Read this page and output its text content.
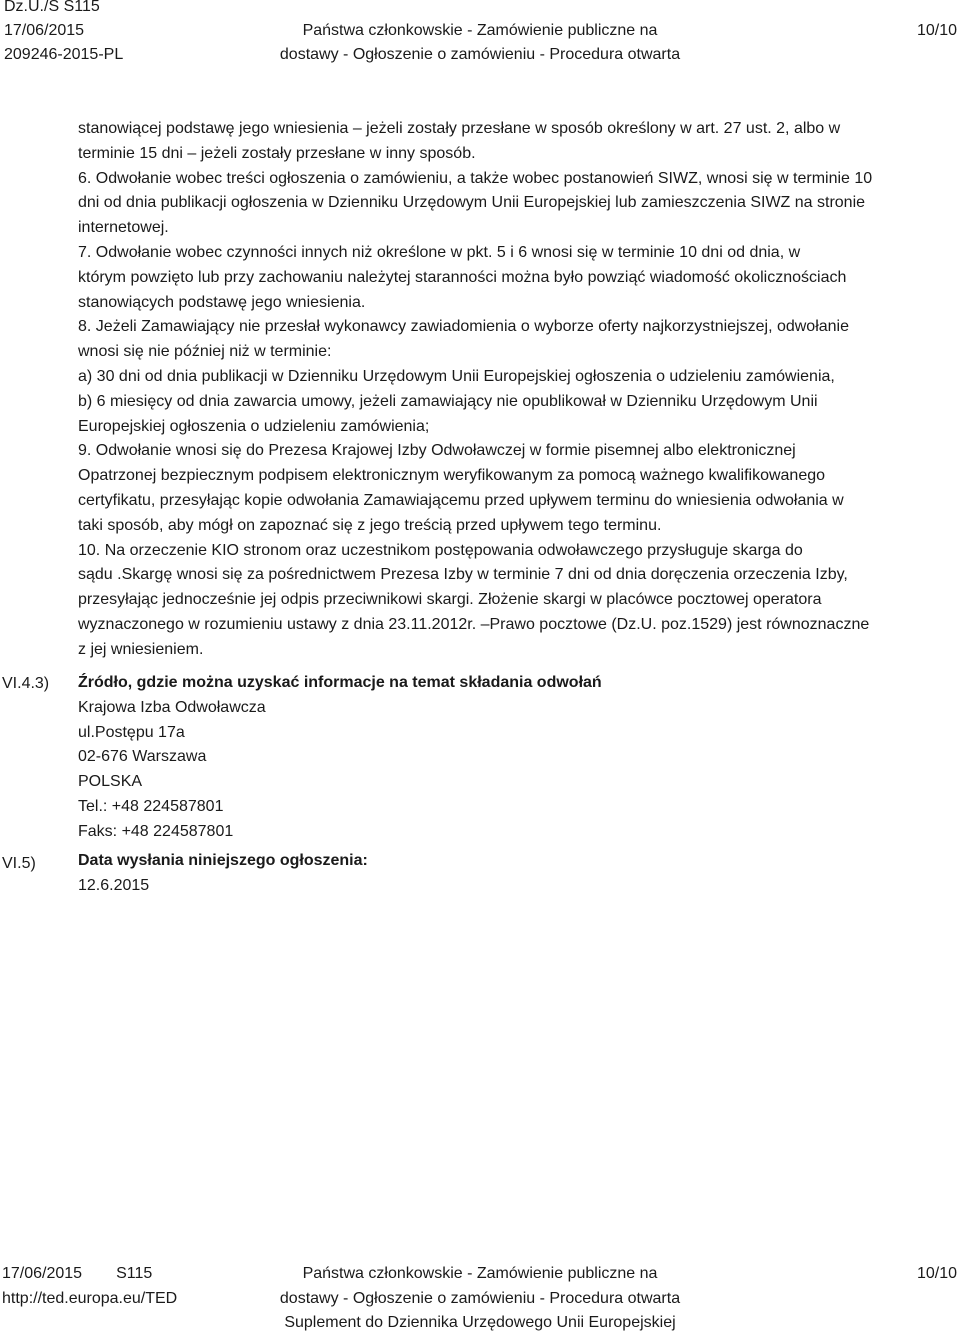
Dz.U./S S115
17/06/2015
209246-2015-PL
Państwa członkowskie - Zamówienie publiczne na
dostawy - Ogłoszenie o zamówieniu - Procedura otwarta
10/10

stanowiącej podstawę jego wniesienia – jeżeli zostały przesłane w sposób określony w art. 27 ust. 2, albo w

terminie 15 dni – jeżeli zostały przesłane w inny sposób.

6. Odwołanie wobec treści ogłoszenia o zamówieniu, a także wobec postanowień SIWZ, wnosi się w terminie 10

dni od dnia publikacji ogłoszenia w Dzienniku Urzędowym Unii Europejskiej lub zamieszczenia SIWZ na stronie

internetowej.

7. Odwołanie wobec czynności innych niż określone w pkt. 5 i 6 wnosi się w terminie 10 dni od dnia, w

którym powzięto lub przy zachowaniu należytej staranności można było powziąć wiadomość okolicznościach

stanowiących podstawę jego wniesienia.

8. Jeżeli Zamawiający nie przesłał wykonawcy zawiadomienia o wyborze oferty najkorzystniejszej, odwołanie

wnosi się nie później niż w terminie:

a) 30 dni od dnia publikacji w Dzienniku Urzędowym Unii Europejskiej ogłoszenia o udzieleniu zamówienia,

b) 6 miesięcy od dnia zawarcia umowy, jeżeli zamawiający nie opublikował w Dzienniku Urzędowym Unii

Europejskiej ogłoszenia o udzieleniu zamówienia;

9. Odwołanie wnosi się do Prezesa Krajowej Izby Odwoławczej w formie pisemnej albo elektronicznej

Opatrzonej bezpiecznym podpisem elektronicznym weryfikowanym za pomocą ważnego kwalifikowanego

certyfikatu, przesyłając kopie odwołania Zamawiającemu przed upływem terminu do wniesienia odwołania w

taki sposób, aby mógł on zapoznać się z jego treścią przed upływem tego terminu.

10. Na orzeczenie KIO stronom oraz uczestnikom postępowania odwoławczego przysługuje skarga do

sądu .Skargę wnosi się za pośrednictwem Prezesa Izby w terminie 7 dni od dnia doręczenia orzeczenia Izby,

przesyłając jednocześnie jej odpis przeciwnikowi skargi. Złożenie skargi w placówce pocztowej operatora

wyznaczonego w rozumieniu ustawy z dnia 23.11.2012r. –Prawo pocztowe (Dz.U. poz.1529) jest równoznaczne

z jej wniesieniem.

VI.4.3) Źródło, gdzie można uzyskać informacje na temat składania odwołań
Krajowa Izba Odwoławcza
ul.Postępu 17a
02-676 Warszawa
POLSKA
Tel.: +48 224587801
Faks: +48 224587801
VI.5)	Data wysłania niniejszego ogłoszenia:
12.6.2015
17/06/2015 S115
http://ted.europa.eu/TED
Państwa członkowskie - Zamówienie publiczne na
dostawy - Ogłoszenie o zamówieniu - Procedura otwarta
Suplement do Dziennika Urzędowego Unii Europejskiej
10/10
